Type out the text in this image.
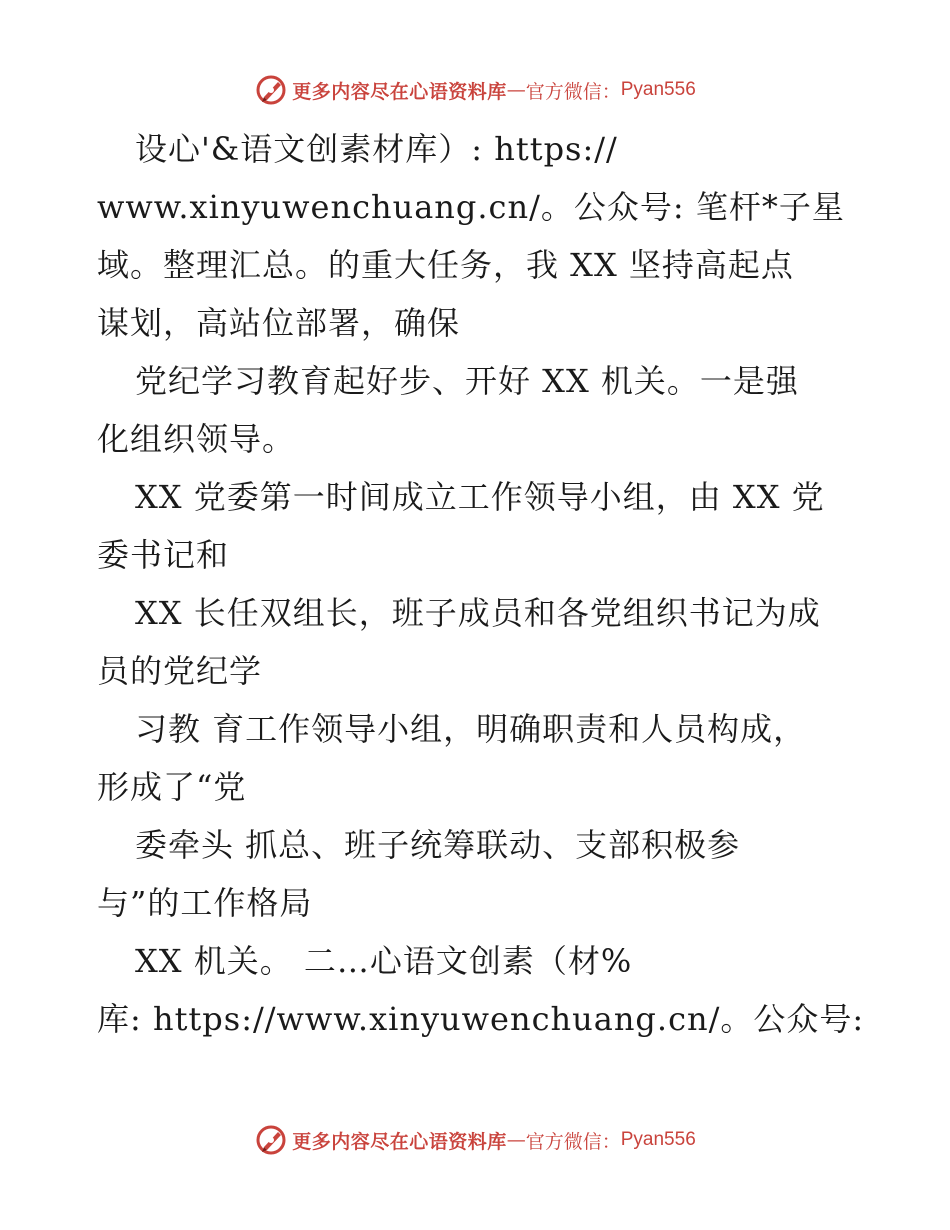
更多内容尽在心语资料库 — 官方微信： Pyan556
设心'&语文创素材库）: https://
www.xinyuwenchuang.cn/。公众号: 笔杆*子星
域。整理汇总。的重大任务，我 XX 坚持高起点
谋划，高站位部署，确保
党纪学习教育起好步、开好 XX 机关。一是强
化组织领导。
XX 党委第一时间成立工作领导小组，由 XX 党
委书记和
XX 长任双组长，班子成员和各党组织书记为成
员的党纪学
习教 育工作领导小组，明确职责和人员构成，
形成了“党
委牵头 抓总、班子统筹联动、支部积极参
与”的工作格局
XX 机关。 二…心语文创素（材%
库: https://www.xinyuwenchuang.cn/。公众号:
更多内容尽在心语资料库 — 官方微信： Pyan556
